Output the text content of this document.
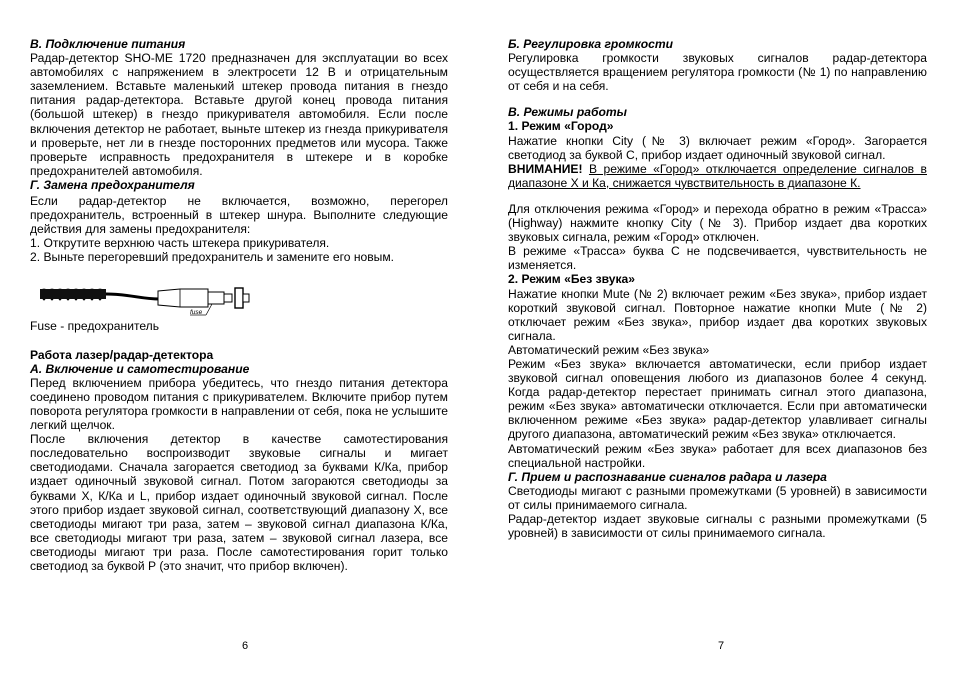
В. Подключение питания

Радар-детектор SHO-ME 1720 предназначен для эксплуатации во всех автомобилях с напряжением в электросети 12 В и отрицательным заземлением. Вставьте маленький штекер провода питания в гнездо питания радар-детектора. Вставьте другой конец провода питания (большой штекер) в гнездо прикуривателя автомобиля. Если после включения детектор не работает, выньте штекер из гнезда прикуривателя и проверьте, нет ли в гнезде посторонних предметов или мусора. Также проверьте исправность предохранителя в штекере и в коробке предохранителей автомобиля.

Г. Замена предохранителя

Если радар-детектор не включается, возможно, перегорел предохранитель, встроенный в штекер шнура. Выполните следующие действия для замены предохранителя:

1. Открутите верхнюю часть штекера прикуривателя.

2. Выньте перегоревший предохранитель и замените его новым.

fuse

Fuse - предохранитель

Работа лазер/радар-детектора

А. Включение и самотестирование

Перед включением прибора убедитесь, что гнездо питания детектора соединено проводом питания с прикуривателем. Включите прибор путем поворота регулятора громкости в направлении от себя, пока не услышите легкий щелчок.

После включения детектор в качестве самотестирования последовательно воспроизводит звуковые сигналы и мигает светодиодами. Сначала загорается светодиод за буквами К/Ка, прибор издает одиночный звуковой сигнал. Потом загораются светодиоды за буквами Х, К/Ка и L, прибор издает одиночный звуковой сигнал. После этого прибор издает звуковой сигнал, соответствующий диапазону Х, все светодиоды мигают три раза, затем – звуковой сигнал диапазона К/Ка, все светодиоды мигают три раза, затем – звуковой сигнал лазера, все светодиоды мигают три раза. После самотестирования горит только светодиод за буквой Р (это значит, что прибор включен).

Б. Регулировка громкости

Регулировка громкости звуковых сигналов радар-детектора осуществляется вращением регулятора громкости (№ 1) по направлению от себя и на себя.

В. Режимы работы

1. Режим «Город»

Нажатие кнопки City (№ 3) включает режим «Город». Загорается светодиод за буквой С, прибор издает одиночный звуковой сигнал.

ВНИМАНИЕ! В режиме «Город» отключается определение сигналов в диапазоне Х и Ка, снижается чувствительность в диапазоне К.

Для отключения режима «Город» и перехода обратно в режим «Трасса» (Highway) нажмите кнопку City (№ 3). Прибор издает два коротких звуковых сигнала, режим «Город» отключен.

В режиме «Трасса» буква С не подсвечивается, чувствительность не изменяется.

2. Режим «Без звука»

Нажатие кнопки Mute (№ 2) включает режим «Без звука», прибор издает короткий звуковой сигнал. Повторное нажатие кнопки Mute (№ 2) отключает режим «Без звука», прибор издает два коротких звуковых сигнала.

Автоматический режим «Без звука»

Режим «Без звука» включается автоматически, если прибор издает звуковой сигнал оповещения любого из диапазонов более 4 секунд. Когда радар-детектор перестает принимать сигнал этого диапазона, режим «Без звука» автоматически отключается. Если при автоматически включенном режиме «Без звука» радар-детектор улавливает сигналы другого диапазона, автоматический режим «Без звука» отключается.

Автоматический режим «Без звука» работает для всех диапазонов без специальной настройки.

Г. Прием и распознавание сигналов радара и лазера

Светодиоды мигают с разными промежутками (5 уровней) в зависимости от силы принимаемого сигнала.

Радар-детектор издает звуковые сигналы с разными промежутками (5 уровней) в зависимости от силы принимаемого сигнала.

6	7
